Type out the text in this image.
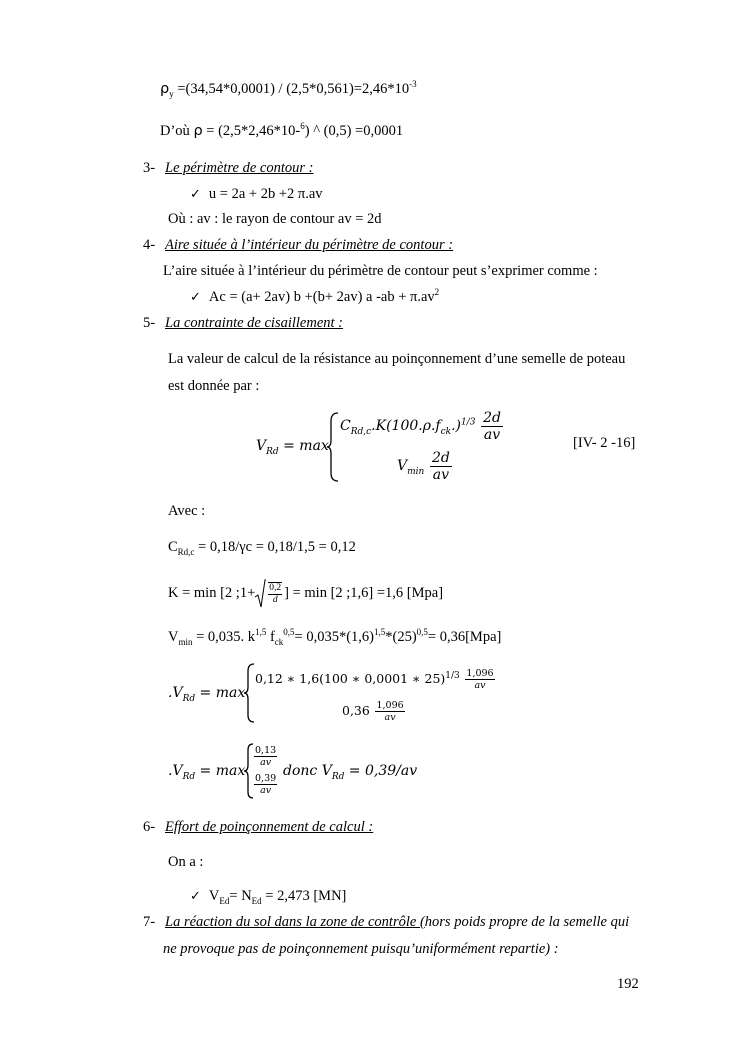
$\rho_y =(34,54*0,0001) / (2,5*0,561)=2,46*10^{-3}$
D’où ρ = (2,5*2,46*10-$^6$) ^ (0,5) =0,0001
3- Le périmètre de contour :
✓ u = 2a + 2b +2 π.av
Où : av : le rayon de contour av = 2d
4- Aire située à l’intérieur du périmètre de contour :
L’aire située à l’intérieur du périmètre de contour peut s’exprimer comme :
✓ Ac = (a+ 2av) b +(b+ 2av) a $-ab + \pi.av^2$
5- La contrainte de cisaillement :
La valeur de calcul de la résistance au poinçonnement d’une semelle de poteau
est donnée par :
$V_{Rd} = \max$
$C_{Rd,c}.K(100.\rho.f_{ck}.)^{1/3} \frac{2d}{av}$
$V_{min} \frac{2d}{av}$
[IV- 2 -16]
Avec :
$C_{Rd,c} = 0,18/\gamma c = 0,18/1,5 = 0,12$
K = min [2 ;1+ $\frac{0,2}{d}$ ] = min [2 ;1,6] =1,6 [Mpa]
$V_{min} = 0,035$. $k^{1,5}$ $f_{ck}^{0,5}= 0,035*(1,6)^{1,5}*(25)^{0,5}= 0,36[Mpa]$
$.V_{Rd} = \max$
0,12 ∗ 1,6(100 ∗ 0,0001 ∗ $25)^{1/3} \frac{1,096}{av}$
$0,36 \frac{1,096}{av}$
$.V_{Rd} = \max$
$\frac{0,13}{av}$
$\frac{0,39}{av}$
donc $V_{Rd} = 0,39/av$
6- Effort de poinçonnement de calcul :
On a :
✓ $V_{Ed}= N_{Ed} = 2,473$ [MN]
7- La réaction du sol dans la zone de contrôle (hors poids propre de la semelle qui
ne provoque pas de poinçonnement puisqu’uniformément repartie) :
192
